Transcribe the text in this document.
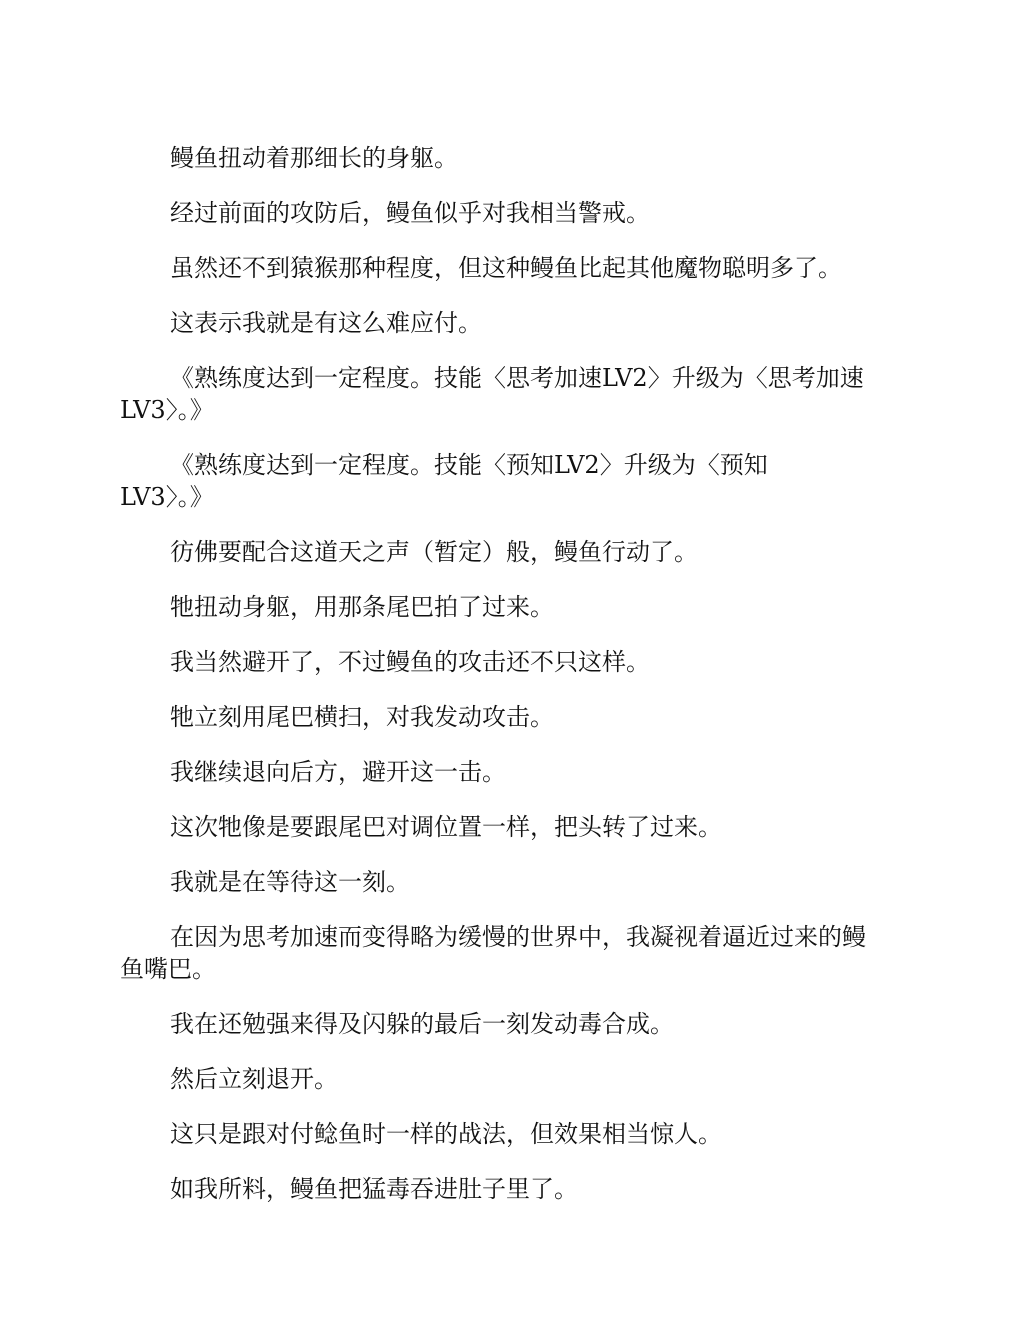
鳗鱼扭动着那细长的身躯。

经过前面的攻防后，鳗鱼似乎对我相当警戒。

虽然还不到猿猴那种程度，但这种鳗鱼比起其他魔物聪明多了。

这表示我就是有这么难应付。

《熟练度达到一定程度。技能〈思考加速LV2〉升级为〈思考加速
LV3〉。》

《熟练度达到一定程度。技能〈预知LV2〉升级为〈预知
LV3〉。》

彷佛要配合这道天之声（暂定）般，鳗鱼行动了。

牠扭动身躯，用那条尾巴拍了过来。

我当然避开了，不过鳗鱼的攻击还不只这样。

牠立刻用尾巴横扫，对我发动攻击。

我继续退向后方，避开这一击。

这次牠像是要跟尾巴对调位置一样，把头转了过来。

我就是在等待这一刻。

在因为思考加速而变得略为缓慢的世界中，我凝视着逼近过来的鳗
鱼嘴巴。

我在还勉强来得及闪躲的最后一刻发动毒合成。

然后立刻退开。

这只是跟对付鲶鱼时一样的战法，但效果相当惊人。

如我所料，鳗鱼把猛毒吞进肚子里了。
